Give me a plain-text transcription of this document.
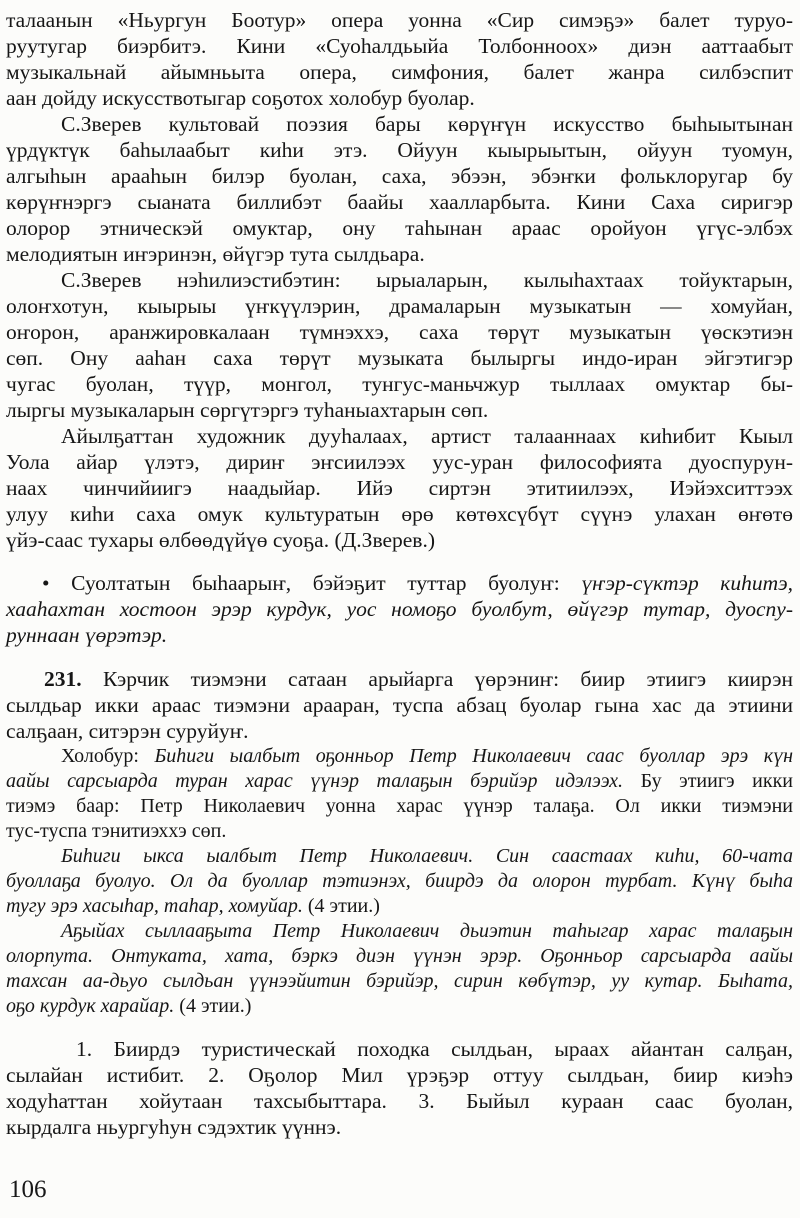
талаанын «Ньургун Боотур» опера уонна «Сир симэҕэ» балет туруо-
руутугар биэрбитэ. Кини «Суоһалдьыйа Толбонноох» диэн ааттаабыт
музыкальнай айымньыта опера, симфония, балет жанра силбэспит
аан дойду искусствотыгар соҕотох холобур буолар.
С.Зверев культовай поэзия бары көрүҥүн искусство быһыытынан
үрдүктүк баһылаабыт киһи этэ. Ойуун кыырыытын, ойуун туомун,
алгыһын арааһын билэр буолан, саха, эбээн, эбэҥки фольклоругар бу
көрүҥнэргэ сыаната биллибэт баайы хаалларбыта. Кини Саха сиригэр
олорор этническэй омуктар, ону таһынан араас оройуон үгүс-элбэх
мелодиятын иҥэринэн, өйүгэр тута сылдьара.
С.Зверев нэһилиэстибэтин: ырыаларын, кылыһахтаах тойуктарын,
олоҥхотун, кыырыы үҥкүүлэрин, драмаларын музыкатын — хомуйан,
оҥорон, аранжировкалаан түмнэххэ, саха төрүт музыкатын үөскэтиэн
сөп. Ону ааһан саха төрүт музыката былыргы индо-иран эйгэтигэр
чугас буолан, түүр, монгол, тунгус-маньчжур тыллаах омуктар бы-
лыргы музыкаларын сөргүтэргэ туһаныахтарын сөп.
Айылҕаттан художник дууһалаах, артист талааннаах киһибит Кыыл
Уола айар үлэтэ, дириҥ эҥсиилээх уус-уран философията дуоспурун-
наах чинчийиигэ наадыйар. Ийэ сиртэн этитиилээх, Иэйэхситтээх
улуу киһи саха омук культуратын өрө көтөхсүбүт сүүнэ улахан өҥөтө
үйэ-саас тухары өлбөөдүйүө суоҕа. (Д.Зверев.)
• Суолтатын быһаарыҥ, бэйэҕит туттар буолуҥ: үҥэр-сүктэр киһитэ,
хааһахтан хостоон эрэр курдук, уос номоҕо буолбут, өйүгэр тутар, дуоспу-
руннаан үөрэтэр.
231. Кэрчик тиэмэни сатаан арыйарга үөрэниҥ: биир этиигэ киирэн
сылдьар икки араас тиэмэни арааран, туспа абзац буолар гына хас да этиини
салҕаан, ситэрэн суруйуҥ.
Холобур: Биһиги ыалбыт оҕонньор Петр Николаевич саас буоллар эрэ күн
аайы сарсыарда туран харас үүнэр талаҕын бэрийэр идэлээх. Бу этиигэ икки
тиэмэ баар: Петр Николаевич уонна харас үүнэр талаҕа. Ол икки тиэмэни
тус-туспа тэнитиэххэ сөп.
Биһиги ыкса ыалбыт Петр Николаевич. Син саастаах киһи, 60-чата
буоллаҕа буолуо. Ол да буоллар тэтиэнэх, биирдэ да олорон турбат. Күнү быһа
тугу эрэ хасыһар, таһар, хомуйар. (4 этии.)
Аҕыйах сыллааҕыта Петр Николаевич дьиэтин таһыгар харас талаҕын
олорпута. Онтуката, хата, бэркэ диэн үүнэн эрэр. Оҕонньор сарсыарда аайы
тахсан аа-дьуо сылдьан үүнээйитин бэрийэр, сирин көбүтэр, уу кутар. Быһата,
оҕо курдук харайар. (4 этии.)
1. Биирдэ туристическай походка сылдьан, ыраах айантан салҕан,
сылайан истибит. 2. Оҕолор Мил үрэҕэр оттуу сылдьан, биир киэһэ
ходуһаттан хойутаан тахсыбыттара. 3. Быйыл кураан саас буолан,
кырдалга ньургуһун сэдэхтик үүннэ.
106
